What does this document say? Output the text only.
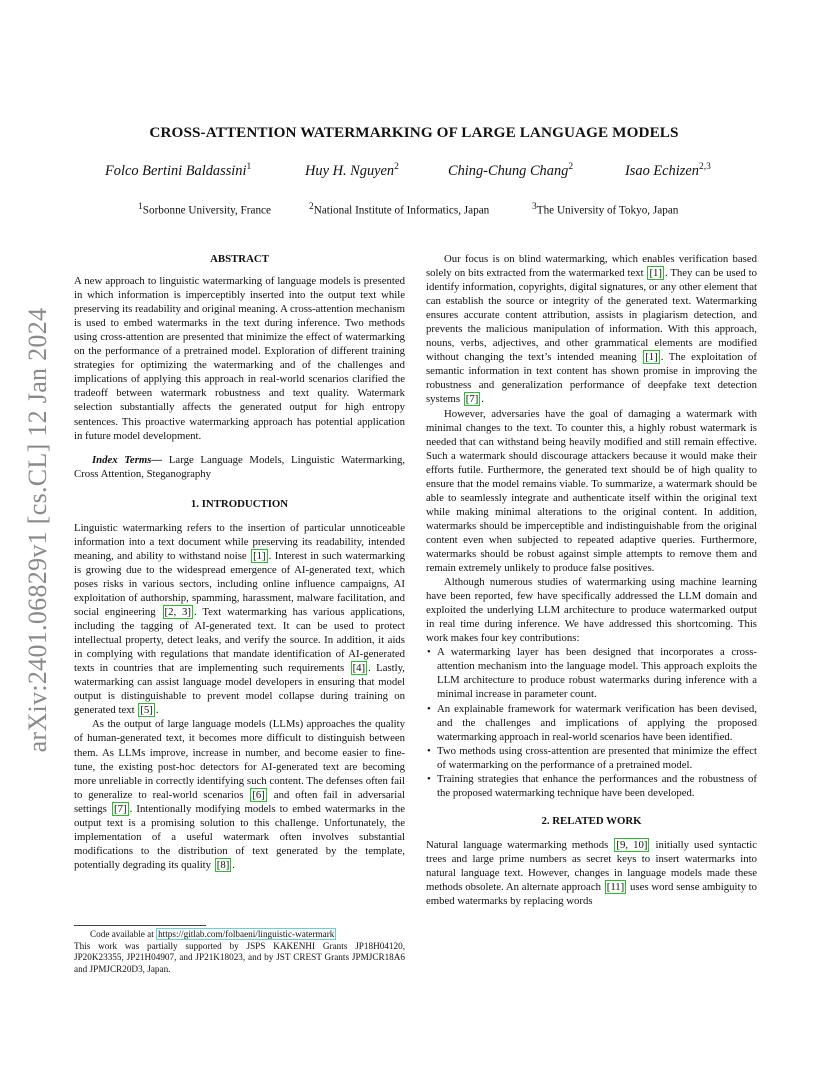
arXiv:2401.06829v1 [cs.CL] 12 Jan 2024
CROSS-ATTENTION WATERMARKING OF LARGE LANGUAGE MODELS
Folco Bertini Baldassini$^1$	Huy H. Nguyen$^2$	Ching-Chung Chang$^2$	Isao Echizen$^{2,3}$
$^1$Sorbonne University, France	$^2$National Institute of Informatics, Japan	$^3$The University of Tokyo, Japan
ABSTRACT

A new approach to linguistic watermarking of language models is presented in which information is imperceptibly inserted into the output text while preserving its readability and original meaning. A cross-attention mechanism is used to embed watermarks in the text during inference. Two methods using cross-attention are presented that minimize the effect of watermarking on the performance of a pretrained model. Exploration of different training strategies for optimizing the watermarking and of the challenges and implications of applying this approach in real-world scenarios clarified the tradeoff between watermark robustness and text quality. Watermark selection substantially affects the generated output for high entropy sentences. This proactive watermarking approach has potential application in future model development.

Index Terms— Large Language Models, Linguistic Watermarking, Cross Attention, Steganography

1. INTRODUCTION

Linguistic watermarking refers to the insertion of particular unnoticeable information into a text document while preserving its readability, intended meaning, and ability to withstand noise [1] . Interest in such watermarking is growing due to the widespread emergence of AI-generated text, which poses risks in various sectors, including online influence campaigns, AI exploitation of authorship, spamming, harassment, malware facilitation, and social engineering [2, 3] . Text watermarking has various applications, including the tagging of AI-generated text. It can be used to protect intellectual property, detect leaks, and verify the source. In addition, it aids in complying with regulations that mandate identification of AI-generated texts in countries that are implementing such requirements [4] . Lastly, watermarking can assist language model developers in ensuring that model output is distinguishable to prevent model collapse during training on generated text [5] .

As the output of large language models (LLMs) approaches the quality of human-generated text, it becomes more difficult to distinguish between them. As LLMs improve, increase in number, and become easier to fine-tune, the existing post-hoc detectors for AI-generated text are becoming more unreliable in correctly identifying such content. The defenses often fail to generalize to real-world scenarios [6] and often fail in adversarial settings [7] . Intentionally modifying models to embed watermarks in the output text is a promising solution to this challenge. Unfortunately, the implementation of a useful watermark often involves substantial modifications to the distribution of text generated by the template, potentially degrading its quality [8] .

Our focus is on blind watermarking, which enables verification based solely on bits extracted from the watermarked text [1] . They can be used to identify information, copyrights, digital signatures, or any other element that can establish the source or integrity of the generated text. Watermarking ensures accurate content attribution, assists in plagiarism detection, and prevents the malicious manipulation of information. With this approach, nouns, verbs, adjectives, and other grammatical elements are modified without changing the text’s intended meaning [1] . The exploitation of semantic information in text content has shown promise in improving the robustness and generalization performance of deepfake text detection systems [7] .

However, adversaries have the goal of damaging a watermark with minimal changes to the text. To counter this, a highly robust watermark is needed that can withstand being heavily modified and still remain effective. Such a watermark should discourage attackers because it would make their efforts futile. Furthermore, the generated text should be of high quality to ensure that the model remains viable. To summarize, a watermark should be able to seamlessly integrate and authenticate itself within the original text while making minimal alterations to the original content. In addition, watermarks should be imperceptible and indistinguishable from the original content even when subjected to repeated adaptive queries. Furthermore, watermarks should be robust against simple attempts to remove them and remain extremely unlikely to produce false positives.

Although numerous studies of watermarking using machine learning have been reported, few have specifically addressed the LLM domain and exploited the underlying LLM architecture to produce watermarked output in real time during inference. We have addressed this shortcoming. This work makes four key contributions:

• A watermarking layer has been designed that incorporates a cross-attention mechanism into the language model. This approach exploits the LLM architecture to produce robust watermarks during inference with a minimal increase in parameter count.
• An explainable framework for watermark verification has been devised, and the challenges and implications of applying the proposed watermarking approach in real-world scenarios have been identified.
• Two methods using cross-attention are presented that minimize the effect of watermarking on the performance of a pretrained model.
• Training strategies that enhance the performances and the robustness of the proposed watermarking technique have been developed.
2. RELATED WORK

Natural language watermarking methods [9, 10] initially used syntactic trees and large prime numbers as secret keys to insert watermarks into natural language text. However, changes in language models made these methods obsolete. An alternate approach [11] uses word sense ambiguity to embed watermarks by replacing words

Code available at https://gitlab.com/folbaeni/linguistic-watermark

This work was partially supported by JSPS KAKENHI Grants JP18H04120, JP20K23355, JP21H04907, and JP21K18023, and by JST CREST Grants JPMJCR18A6 and JPMJCR20D3, Japan.
